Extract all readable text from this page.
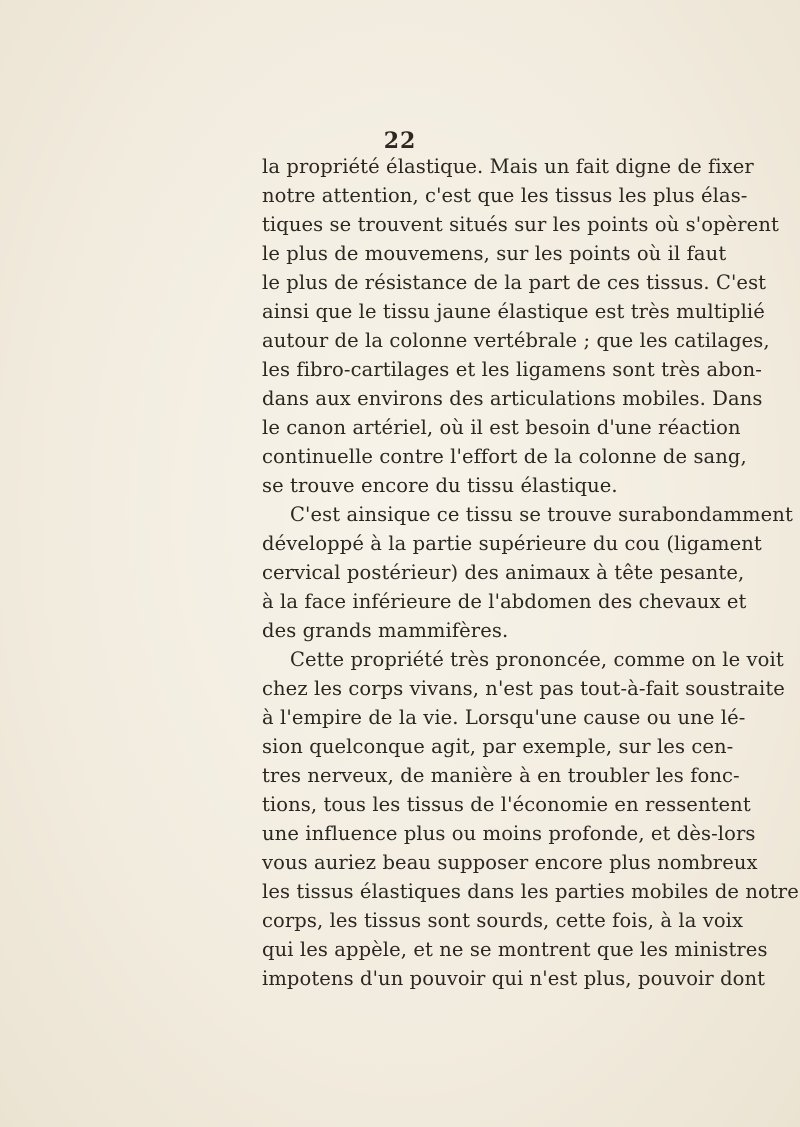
22
la propriété élastique. Mais un fait digne de fixer
notre attention, c'est que les tissus les plus élas-
tiques se trouvent situés sur les points où s'opèrent
le plus de mouvemens, sur les points où il faut
le plus de résistance de la part de ces tissus. C'est
ainsi que le tissu jaune élastique est très multiplié
autour de la colonne vertébrale ; que les catilages,
les fibro-cartilages et les ligamens sont très abon-
dans aux environs des articulations mobiles. Dans
le canon artériel, où il est besoin d'une réaction
continuelle contre l'effort de la colonne de sang,
se trouve encore du tissu élastique.
C'est ainsique ce tissu se trouve surabondamment
développé à la partie supérieure du cou (ligament
cervical postérieur) des animaux à tête pesante,
à la face inférieure de l'abdomen des chevaux et
des grands mammifères.
Cette propriété très prononcée, comme on le voit
chez les corps vivans, n'est pas tout-à-fait soustraite
à l'empire de la vie. Lorsqu'une cause ou une lé-
sion quelconque agit, par exemple, sur les cen-
tres nerveux, de manière à en troubler les fonc-
tions, tous les tissus de l'économie en ressentent
une influence plus ou moins profonde, et dès-lors
vous auriez beau supposer encore plus nombreux
les tissus élastiques dans les parties mobiles de notre
corps, les tissus sont sourds, cette fois, à la voix
qui les appèle, et ne se montrent que les ministres
impotens d'un pouvoir qui n'est plus, pouvoir dont
